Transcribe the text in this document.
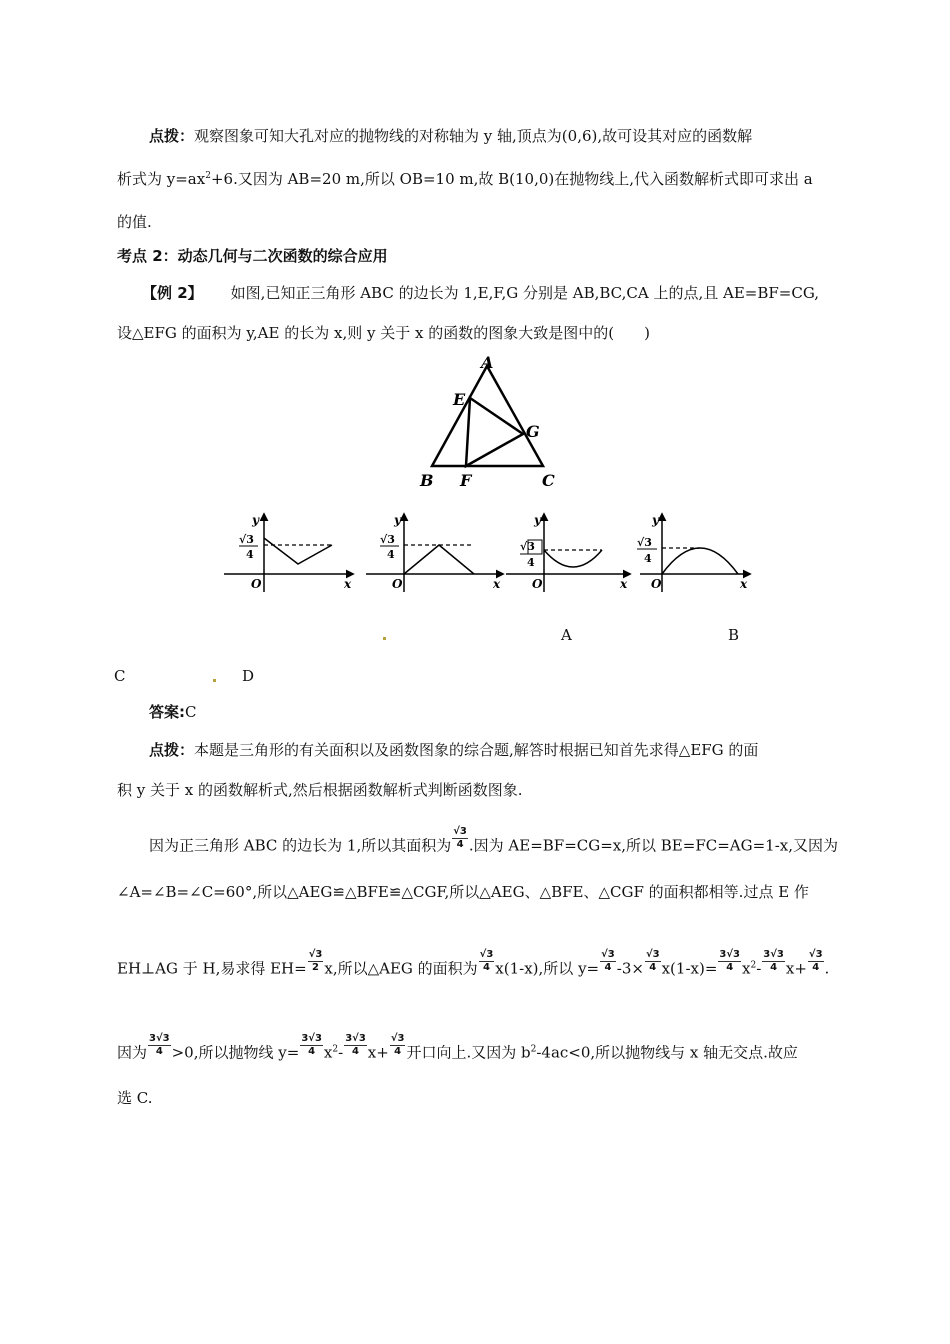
点拨：观察图象可知大孔对应的抛物线的对称轴为 y 轴,顶点为(0,6),故可设其对应的函数解
析式为 $y=ax^2+6$.又因为 AB=20 m,所以 OB=10 m,故 B(10,0)在抛物线上,代入函数解析式即可求出 a
的值.
考点 2：动态几何与二次函数的综合应用
【例 2】 如图,已知正三角形 ABC 的边长为 1,E,F,G 分别是 AB,BC,CA 上的点,且 AE=BF=CG,
设△EFG 的面积为 y,AE 的长为 x,则 y 关于 x 的函数的图象大致是图中的(　　)
A
E
G
B F	C
y
√3
4
O	x
y
√3
4
O	x
y
√3
4
O	x
y
√3
4
O	x
A	B
C	D
答案:C
点拨：本题是三角形的有关面积以及函数图象的综合题,解答时根据已知首先求得△EFG 的面
积 y 关于 x 的函数解析式,然后根据函数解析式判断函数图象.
因为正三角形 ABC 的边长为 1,所以其面积为 $\frac{√3}{4}$ .因为 AE=BF=CG=x,所以 BE=FC=AG=1-x,又因为
∠A=∠B=∠C=60°,所以△AEG≌△BFE≌△CGF,所以△AEG、△BFE、△CGF 的面积都相等.过点 E 作
EH⊥AG 于 H,易求得 $EH= \frac{√3}{2} x$,所以△AEG 的面积为 $\frac{√3}{4} x(1-x)$,所以 $y= \frac{√3}{4} -3\times \frac{√3}{4} x(1-x)= \frac{3√3}{4} x^2- \frac{3√3}{4} x+ \frac{√3}{4}$ .
因为 $\frac{3√3}{4} >0$,所以抛物线 $y= \frac{3√3}{4} x^2- \frac{3√3}{4} x+ \frac{√3}{4}$ 开口向上.又因为 $b^2-4ac<0$,所以抛物线与 x 轴无交点.故应
选 C.
